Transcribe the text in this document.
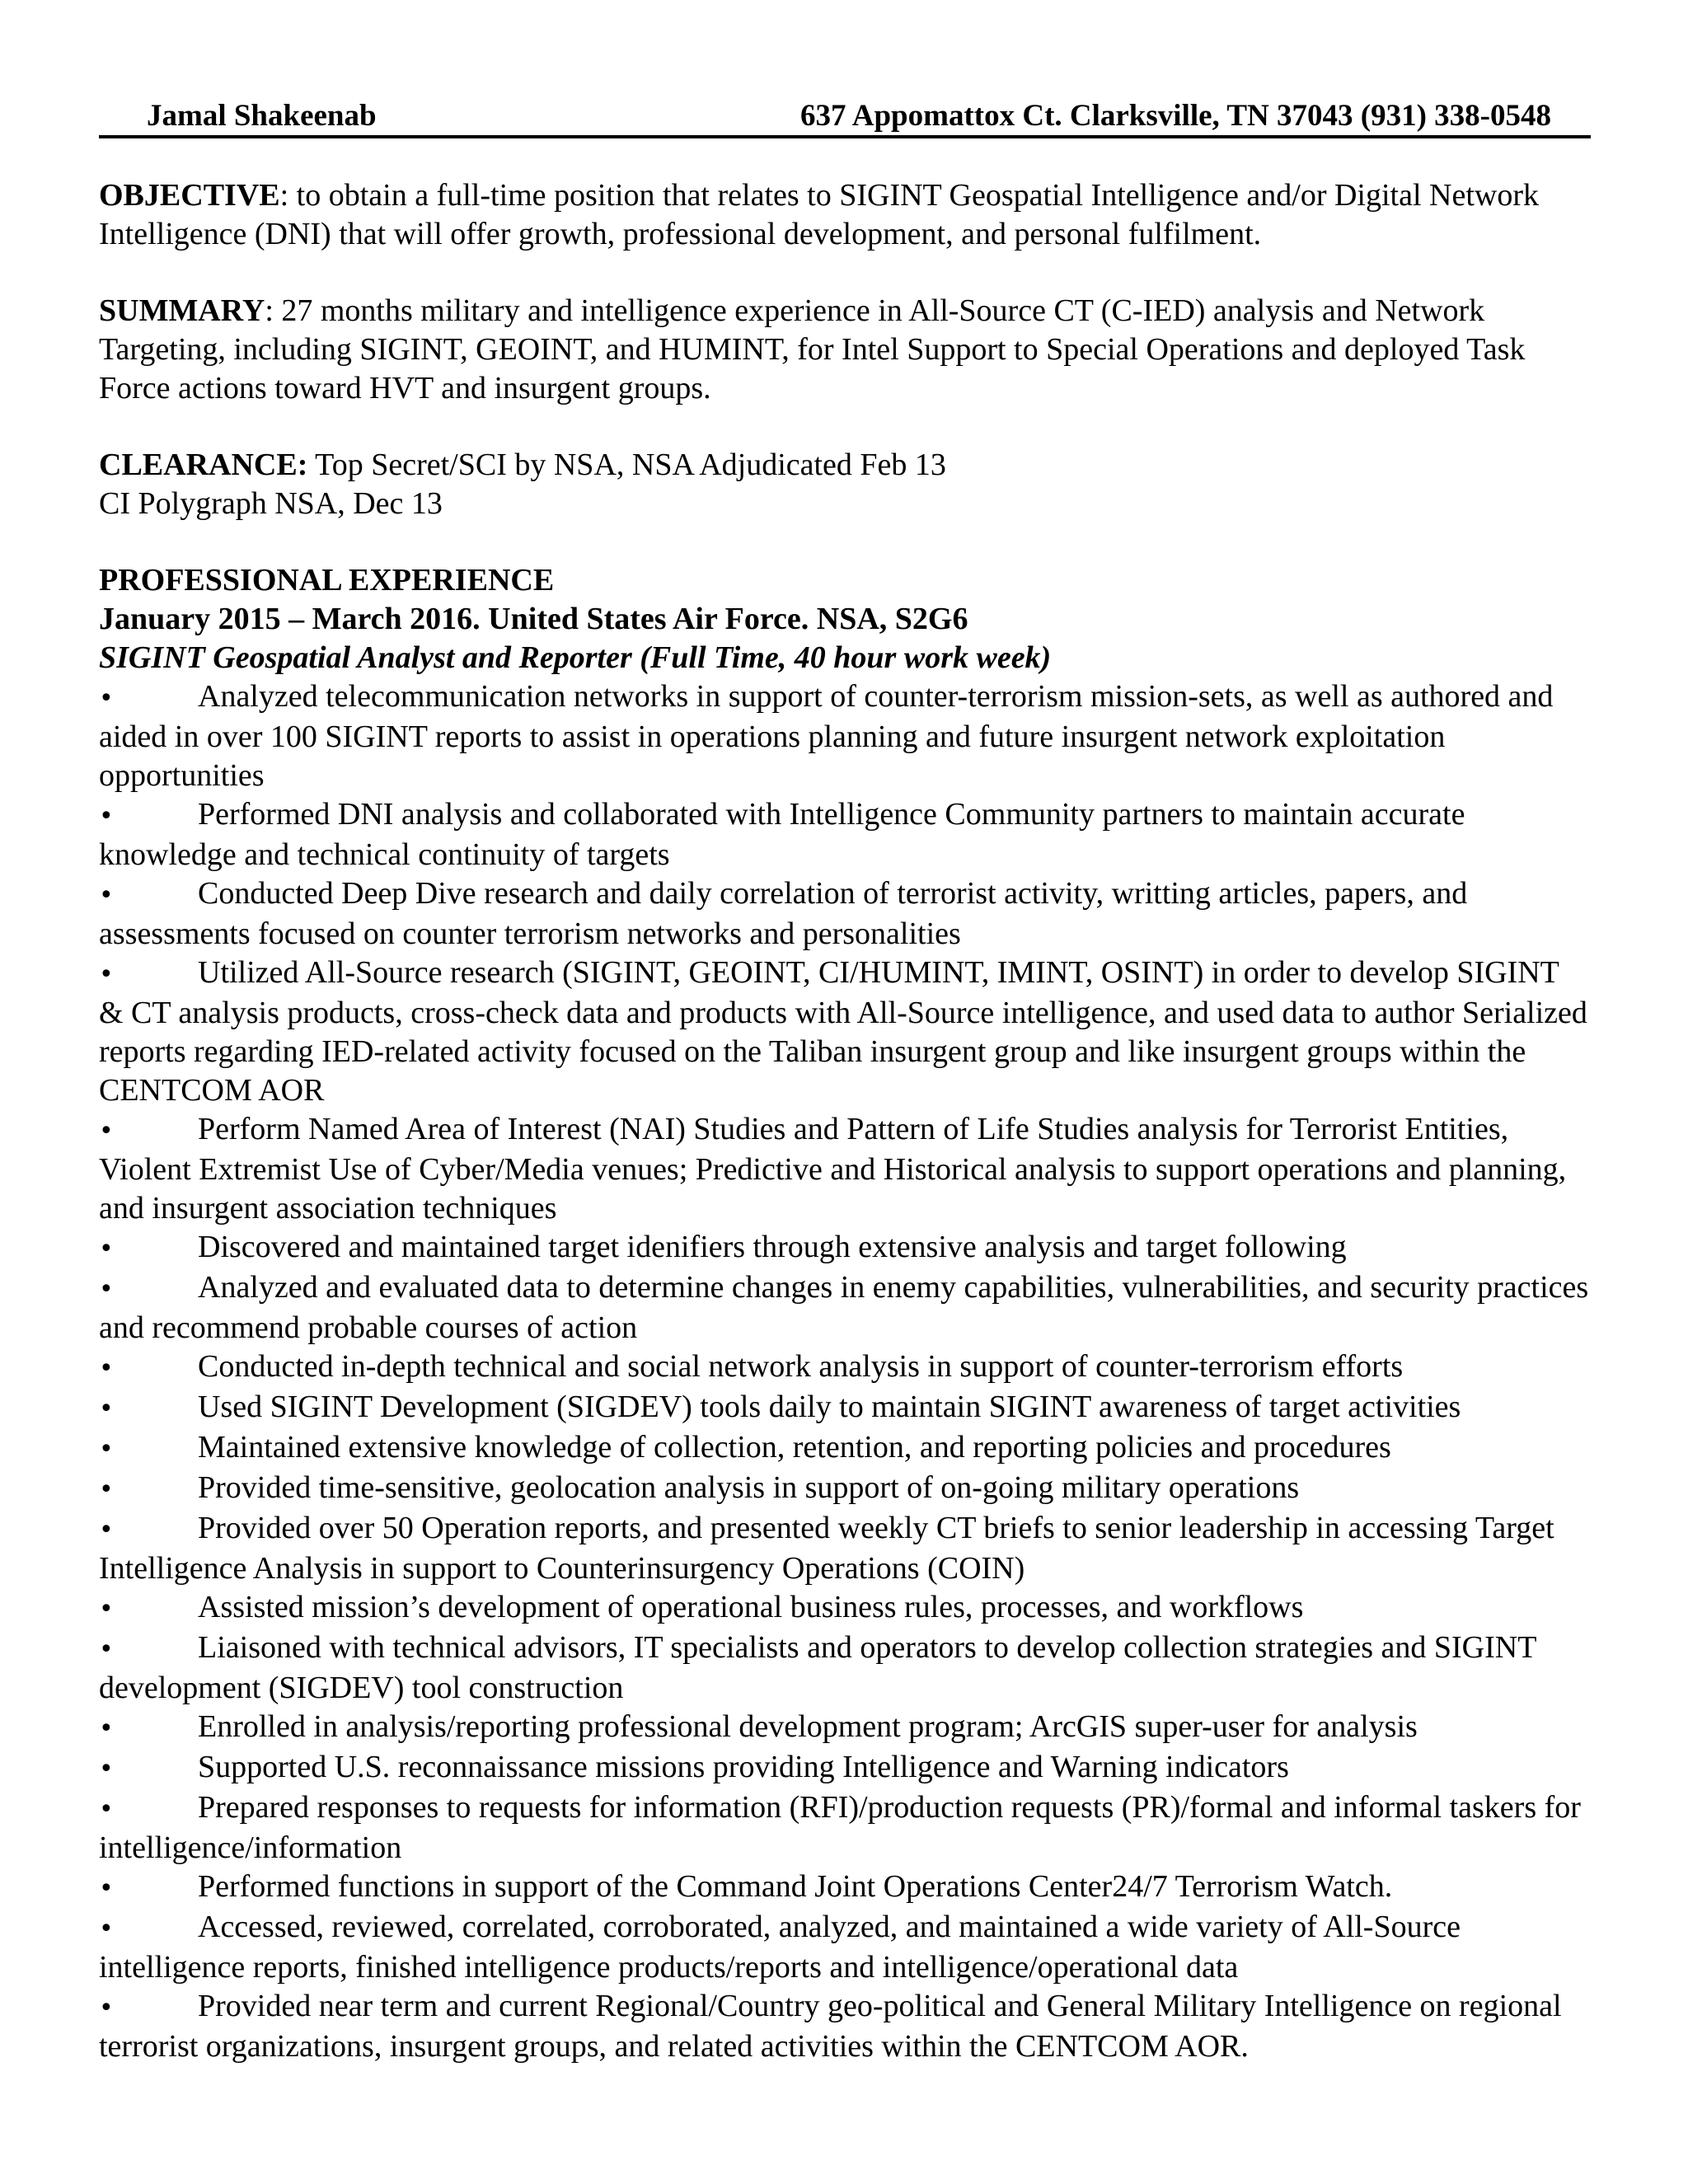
Jamal Shakeenab	637 Appomattox Ct. Clarksville, TN 37043 (931) 338-0548

OBJECTIVE: to obtain a full-time position that relates to SIGINT Geospatial Intelligence and/or Digital Network Intelligence (DNI) that will offer growth, professional development, and personal fulfilment.

SUMMARY: 27 months military and intelligence experience in All-Source CT (C-IED) analysis and Network Targeting, including SIGINT, GEOINT, and HUMINT, for Intel Support to Special Operations and deployed Task Force actions toward HVT and insurgent groups.

CLEARANCE: Top Secret/SCI by NSA, NSA Adjudicated Feb 13
CI Polygraph NSA, Dec 13
PROFESSIONAL EXPERIENCE
January 2015 – March 2016. United States Air Force. NSA, S2G6
SIGINT Geospatial Analyst and Reporter (Full Time, 40 hour work week)
•Analyzed telecommunication networks in support of counter-terrorism mission-sets, as well as authored and aided in over 100 SIGINT reports to assist in operations planning and future insurgent network exploitation opportunities
•Performed DNI analysis and collaborated with Intelligence Community partners to maintain accurate knowledge and technical continuity of targets
•Conducted Deep Dive research and daily correlation of terrorist activity, writting articles, papers, and assessments focused on counter terrorism networks and personalities
•Utilized All-Source research (SIGINT, GEOINT, CI/HUMINT, IMINT, OSINT) in order to develop SIGINT & CT analysis products, cross-check data and products with All-Source intelligence, and used data to author Serialized reports regarding IED-related activity focused on the Taliban insurgent group and like insurgent groups within the CENTCOM AOR
•Perform Named Area of Interest (NAI) Studies and Pattern of Life Studies analysis for Terrorist Entities, Violent Extremist Use of Cyber/Media venues; Predictive and Historical analysis to support operations and planning, and insurgent association techniques
•Discovered and maintained target idenifiers through extensive analysis and target following
•Analyzed and evaluated data to determine changes in enemy capabilities, vulnerabilities, and security practices and recommend probable courses of action
•Conducted in-depth technical and social network analysis in support of counter-terrorism efforts
•Used SIGINT Development (SIGDEV) tools daily to maintain SIGINT awareness of target activities
•Maintained extensive knowledge of collection, retention, and reporting policies and procedures
•Provided time-sensitive, geolocation analysis in support of on-going military operations
•Provided over 50 Operation reports, and presented weekly CT briefs to senior leadership in accessing Target Intelligence Analysis in support to Counterinsurgency Operations (COIN)
•Assisted mission’s development of operational business rules, processes, and workflows
•Liaisoned with technical advisors, IT specialists and operators to develop collection strategies and SIGINT development (SIGDEV) tool construction
•Enrolled in analysis/reporting professional development program; ArcGIS super-user for analysis
•Supported U.S. reconnaissance missions providing Intelligence and Warning indicators
•Prepared responses to requests for information (RFI)/production requests (PR)/formal and informal taskers for intelligence/information
•Performed functions in support of the Command Joint Operations Center24/7 Terrorism Watch.
•Accessed, reviewed, correlated, corroborated, analyzed, and maintained a wide variety of All-Source intelligence reports, finished intelligence products/reports and intelligence/operational data
•Provided near term and current Regional/Country geo-political and General Military Intelligence on regional terrorist organizations, insurgent groups, and related activities within the CENTCOM AOR.
